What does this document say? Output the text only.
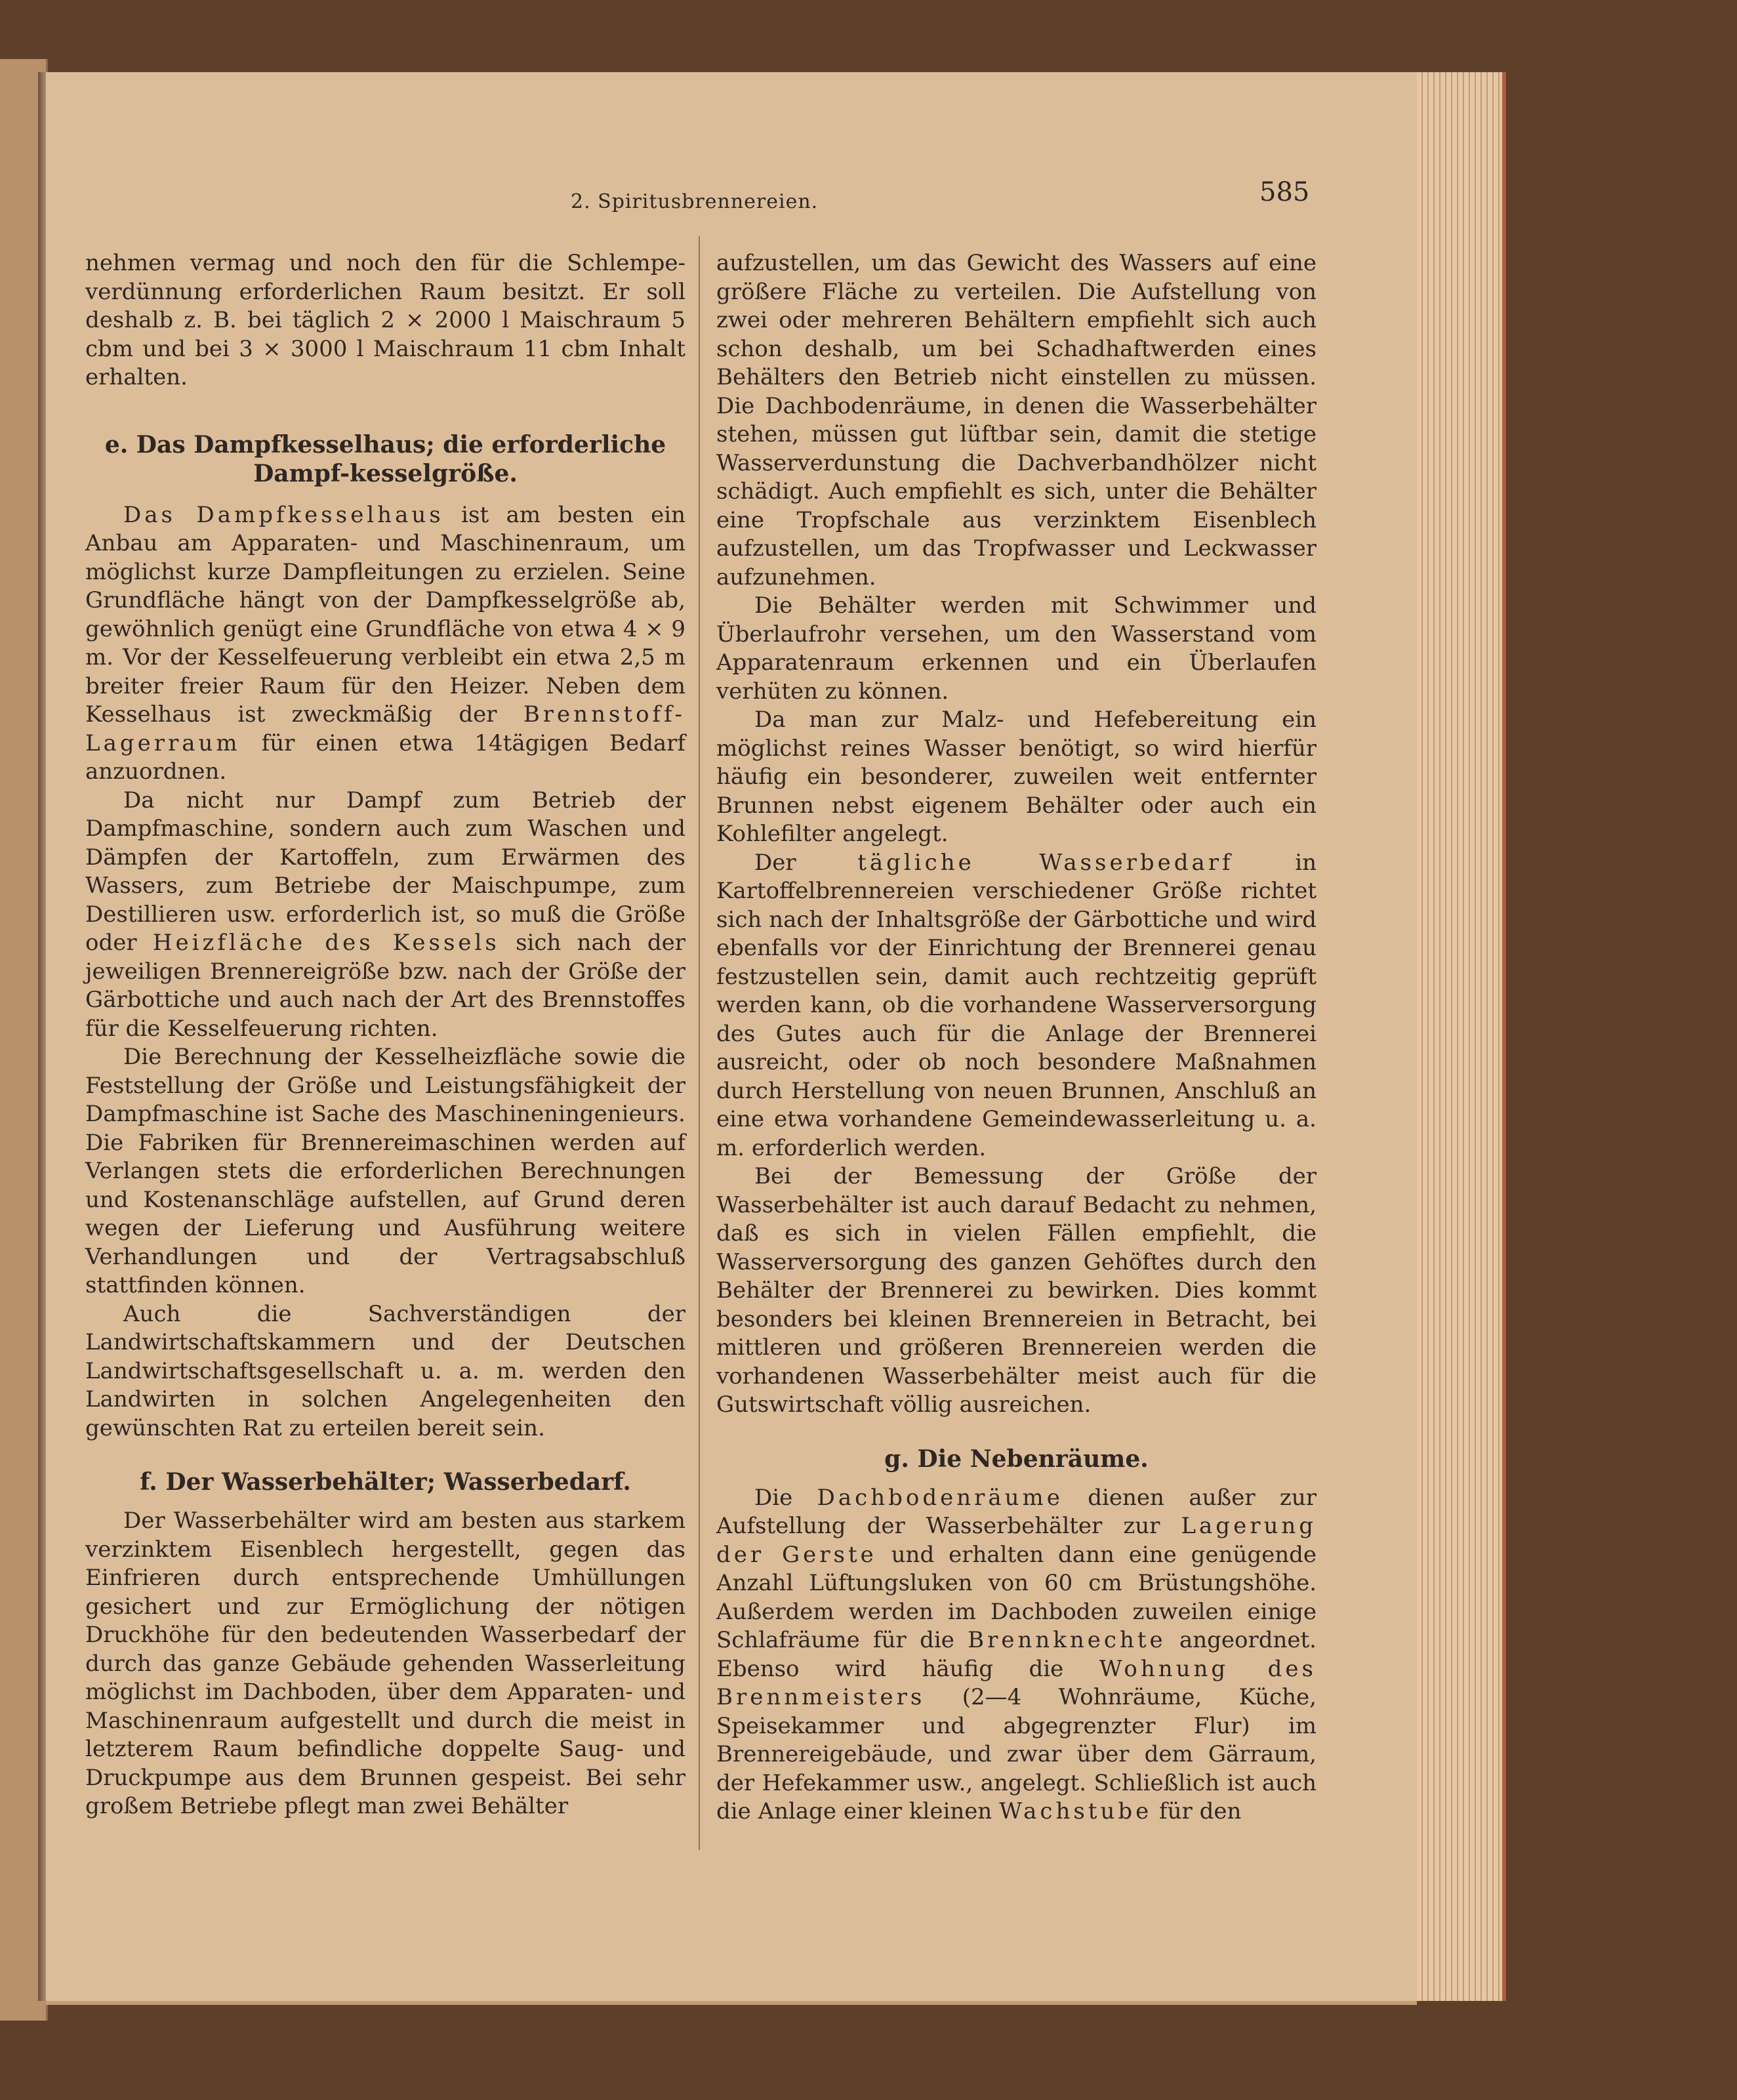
2. Spiritusbrennereien.	585

nehmen vermag und noch den für die Schlempe-verdünnung erforderlichen Raum besitzt. Er soll deshalb z. B. bei täglich 2 × 2000 l Maischraum 5 cbm und bei 3 × 3000 l Maischraum 11 cbm Inhalt erhalten.

e. Das Dampfkesselhaus; die erforderliche Dampf-kesselgröße.

Das Dampfkesselhaus ist am besten ein Anbau am Apparaten- und Maschinenraum, um möglichst kurze Dampfleitungen zu erzielen. Seine Grundfläche hängt von der Dampfkesselgröße ab, gewöhnlich genügt eine Grundfläche von etwa 4 × 9 m. Vor der Kesselfeuerung verbleibt ein etwa 2,5 m breiter freier Raum für den Heizer. Neben dem Kesselhaus ist zweckmäßig der Brennstoff-Lagerraum für einen etwa 14tägigen Bedarf anzuordnen.

Da nicht nur Dampf zum Betrieb der Dampfmaschine, sondern auch zum Waschen und Dämpfen der Kartoffeln, zum Erwärmen des Wassers, zum Betriebe der Maischpumpe, zum Destillieren usw. erforderlich ist, so muß die Größe oder Heizfläche des Kessels sich nach der jeweiligen Brennereigröße bzw. nach der Größe der Gärbottiche und auch nach der Art des Brennstoffes für die Kesselfeuerung richten.

Die Berechnung der Kesselheizfläche sowie die Feststellung der Größe und Leistungsfähigkeit der Dampfmaschine ist Sache des Maschineningenieurs. Die Fabriken für Brennereimaschinen werden auf Verlangen stets die erforderlichen Berechnungen und Kostenanschläge aufstellen, auf Grund deren wegen der Lieferung und Ausführung weitere Verhandlungen und der Vertragsabschluß stattfinden können.

Auch die Sachverständigen der Landwirtschaftskammern und der Deutschen Landwirtschaftsgesellschaft u. a. m. werden den Landwirten in solchen Angelegenheiten den gewünschten Rat zu erteilen bereit sein.

f. Der Wasserbehälter; Wasserbedarf.

Der Wasserbehälter wird am besten aus starkem verzinktem Eisenblech hergestellt, gegen das Einfrieren durch entsprechende Umhüllungen gesichert und zur Ermöglichung der nötigen Druckhöhe für den bedeutenden Wasserbedarf der durch das ganze Gebäude gehenden Wasserleitung möglichst im Dachboden, über dem Apparaten- und Maschinenraum aufgestellt und durch die meist in letzterem Raum befindliche doppelte Saug- und Druckpumpe aus dem Brunnen gespeist. Bei sehr großem Betriebe pflegt man zwei Behälter

aufzustellen, um das Gewicht des Wassers auf eine größere Fläche zu verteilen. Die Aufstellung von zwei oder mehreren Behältern empfiehlt sich auch schon deshalb, um bei Schadhaftwerden eines Behälters den Betrieb nicht einstellen zu müssen. Die Dachbodenräume, in denen die Wasserbehälter stehen, müssen gut lüftbar sein, damit die stetige Wasserverdunstung die Dachverbandhölzer nicht schädigt. Auch empfiehlt es sich, unter die Behälter eine Tropfschale aus verzinktem Eisenblech aufzustellen, um das Tropfwasser und Leckwasser aufzunehmen.

Die Behälter werden mit Schwimmer und Überlaufrohr versehen, um den Wasserstand vom Apparatenraum erkennen und ein Überlaufen verhüten zu können.

Da man zur Malz- und Hefebereitung ein möglichst reines Wasser benötigt, so wird hierfür häufig ein besonderer, zuweilen weit entfernter Brunnen nebst eigenem Behälter oder auch ein Kohlefilter angelegt.

Der tägliche Wasserbedarf in Kartoffelbrennereien verschiedener Größe richtet sich nach der Inhaltsgröße der Gärbottiche und wird ebenfalls vor der Einrichtung der Brennerei genau festzustellen sein, damit auch rechtzeitig geprüft werden kann, ob die vorhandene Wasserversorgung des Gutes auch für die Anlage der Brennerei ausreicht, oder ob noch besondere Maßnahmen durch Herstellung von neuen Brunnen, Anschluß an eine etwa vorhandene Gemeindewasserleitung u. a. m. erforderlich werden.

Bei der Bemessung der Größe der Wasserbehälter ist auch darauf Bedacht zu nehmen, daß es sich in vielen Fällen empfiehlt, die Wasserversorgung des ganzen Gehöftes durch den Behälter der Brennerei zu bewirken. Dies kommt besonders bei kleinen Brennereien in Betracht, bei mittleren und größeren Brennereien werden die vorhandenen Wasserbehälter meist auch für die Gutswirtschaft völlig ausreichen.

g. Die Nebenräume.

Die Dachbodenräume dienen außer zur Aufstellung der Wasserbehälter zur Lagerung der Gerste und erhalten dann eine genügende Anzahl Lüftungsluken von 60 cm Brüstungshöhe. Außerdem werden im Dachboden zuweilen einige Schlafräume für die Brennknechte angeordnet. Ebenso wird häufig die Wohnung des Brennmeisters (2—4 Wohnräume, Küche, Speisekammer und abgegrenzter Flur) im Brennereigebäude, und zwar über dem Gärraum, der Hefekammer usw., angelegt. Schließlich ist auch die Anlage einer kleinen Wachstube für den
